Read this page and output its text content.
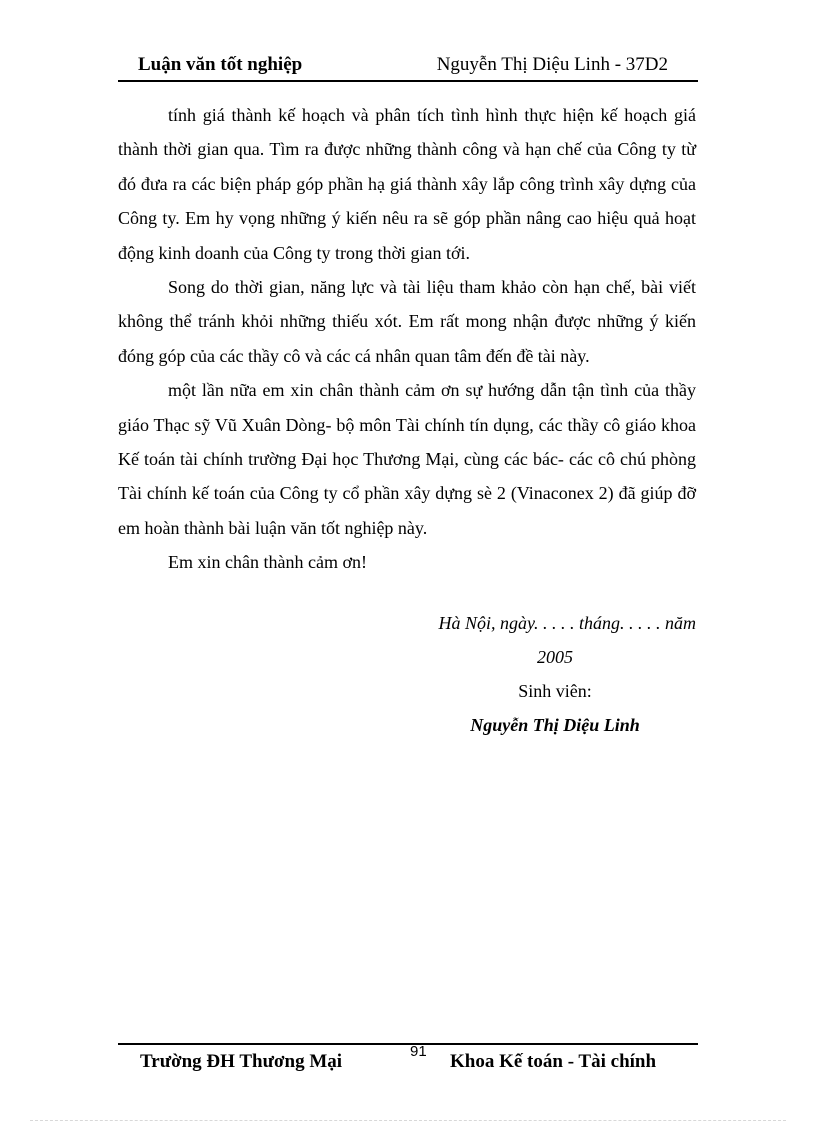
Luận văn tốt nghiệp	Nguyễn Thị Diệu Linh - 37D2

tính giá thành kế hoạch và phân tích tình hình thực hiện kế hoạch giá thành thời gian qua. Tìm ra được những thành công và hạn chế của Công ty từ đó đưa ra các biện pháp góp phần hạ giá thành xây lắp công trình xây dựng của Công ty. Em hy vọng những ý kiến nêu ra sẽ góp phần nâng cao hiệu quả hoạt động kinh doanh của Công ty trong thời gian tới.

Song do thời gian, năng lực và tài liệu tham khảo còn hạn chế, bài viết không thể tránh khỏi những thiếu xót. Em rất mong nhận được những ý kiến đóng góp của các thầy cô và các cá nhân quan tâm đến đề tài này.

một lần nữa em xin chân thành cảm ơn sự hướng dẫn tận tình của thầy giáo Thạc sỹ Vũ Xuân Dòng- bộ môn Tài chính tín dụng, các thầy cô giáo khoa Kế toán tài chính trường Đại học Thương Mại, cùng các bác- các cô chú phòng Tài chính kế toán của Công ty cổ phần xây dựng sè 2 (Vinaconex 2) đã giúp đỡ em hoàn thành bài luận văn tốt nghiệp này.

Em xin chân thành cảm ơn!

Hà Nội, ngày. . . . . tháng. . . . . năm
2005
Sinh viên:
Nguyễn Thị Diệu Linh
Trường ĐH Thương Mại	91 Khoa Kế toán - Tài chính
